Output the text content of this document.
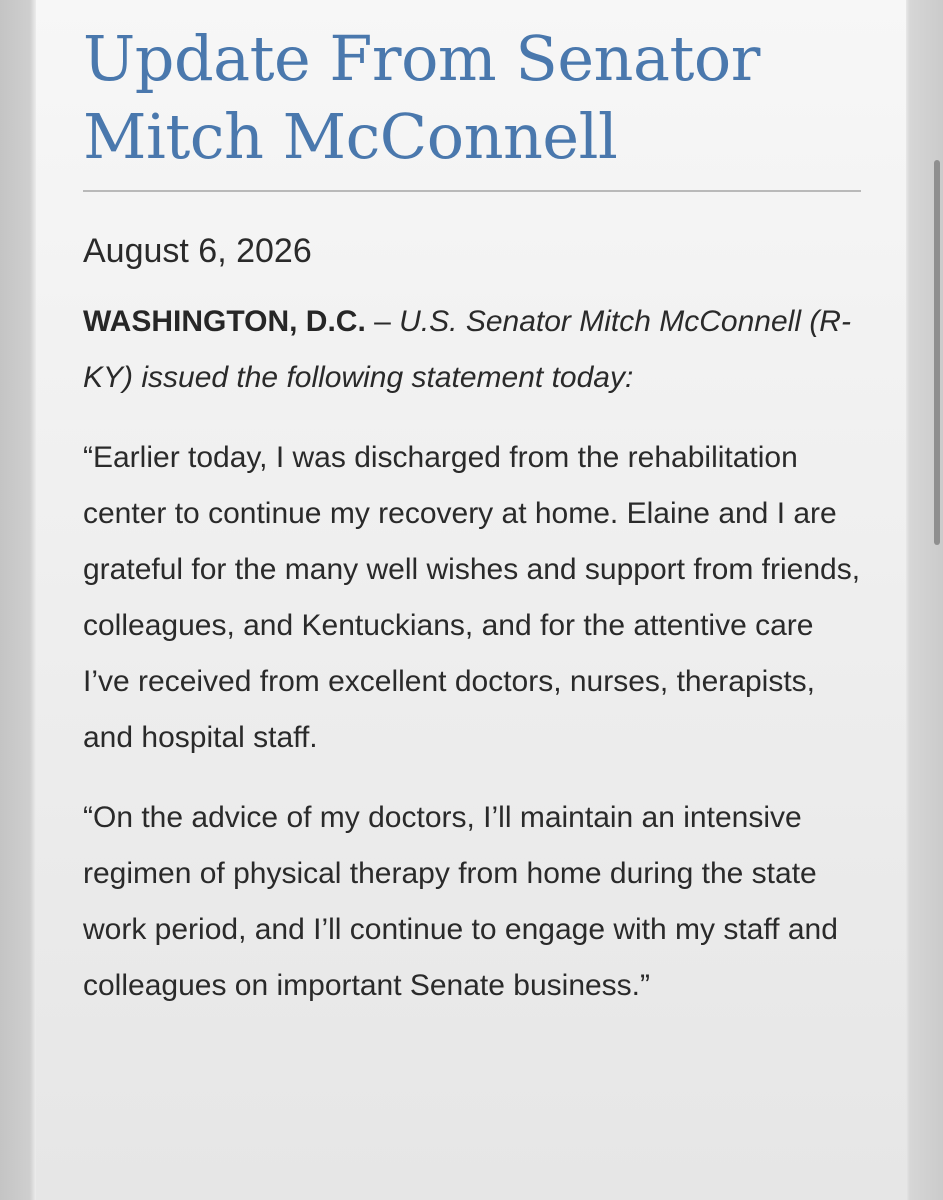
Update From Senator Mitch McConnell
August 6, 2026
WASHINGTON, D.C. – U.S. Senator Mitch McConnell (R-KY) issued the following statement today:

“Earlier today, I was discharged from the rehabilitation center to continue my recovery at home. Elaine and I are grateful for the many well wishes and support from friends, colleagues, and Kentuckians, and for the attentive care I’ve received from excellent doctors, nurses, therapists, and hospital staff.

“On the advice of my doctors, I’ll maintain an intensive regimen of physical therapy from home during the state work period, and I’ll continue to engage with my staff and colleagues on important Senate business.”
